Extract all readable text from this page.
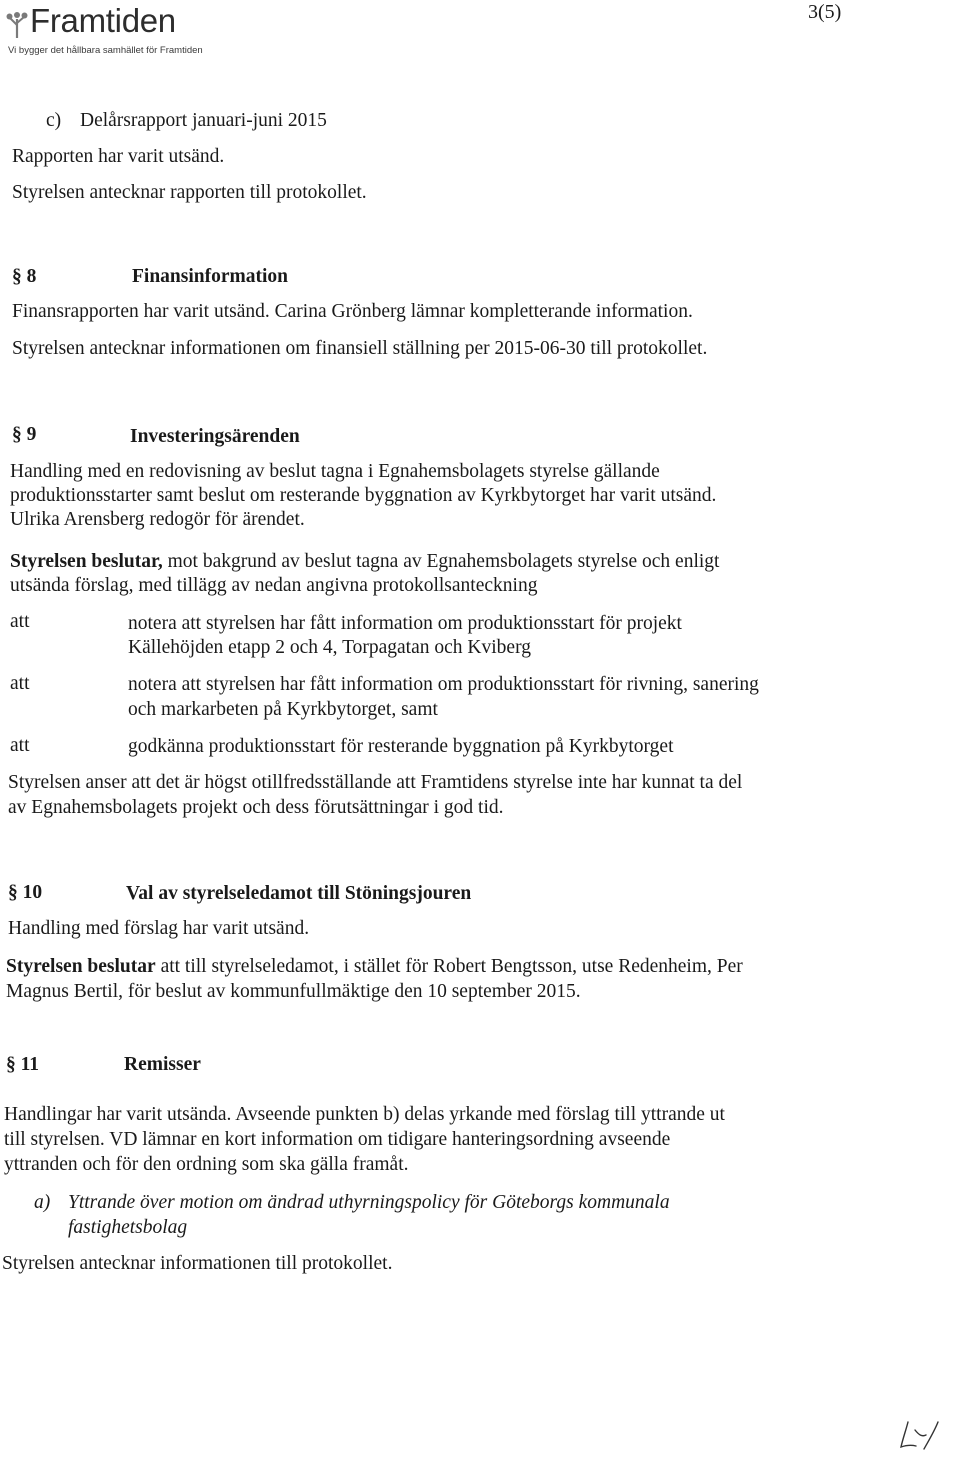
Framtiden
Vi bygger det hållbara samhället för Framtiden
3(5)
c) Delårsrapport januari-juni 2015
Rapporten har varit utsänd.
Styrelsen antecknar rapporten till protokollet.
§ 8	Finansinformation
Finansrapporten har varit utsänd. Carina Grönberg lämnar kompletterande information.
Styrelsen antecknar informationen om finansiell ställning per 2015-06-30 till protokollet.
§ 9	Investeringsärenden
Handling med en redovisning av beslut tagna i Egnahemsbolagets styrelse gällande
produktionsstarter samt beslut om resterande byggnation av Kyrkbytorget har varit utsänd.
Ulrika Arensberg redogör för ärendet.
Styrelsen beslutar, mot bakgrund av beslut tagna av Egnahemsbolagets styrelse och enligt
utsända förslag, med tillägg av nedan angivna protokollsanteckning
att	notera att styrelsen har fått information om produktionsstart för projekt
Källehöjden etapp 2 och 4, Torpagatan och Kviberg
att	notera att styrelsen har fått information om produktionsstart för rivning, sanering
och markarbeten på Kyrkbytorget, samt
att	godkänna produktionsstart för resterande byggnation på Kyrkbytorget
Styrelsen anser att det är högst otillfredsställande att Framtidens styrelse inte har kunnat ta del
av Egnahemsbolagets projekt och dess förutsättningar i god tid.
§ 10	Val av styrelseledamot till Stöningsjouren
Handling med förslag har varit utsänd.
Styrelsen beslutar att till styrelseledamot, i stället för Robert Bengtsson, utse Redenheim, Per
Magnus Bertil, för beslut av kommunfullmäktige den 10 september 2015.
§ 11	Remisser
Handlingar har varit utsända. Avseende punkten b) delas yrkande med förslag till yttrande ut
till styrelsen. VD lämnar en kort information om tidigare hanteringsordning avseende
yttranden och för den ordning som ska gälla framåt.
a) Yttrande över motion om ändrad uthyrningspolicy för Göteborgs kommunala
fastighetsbolag
Styrelsen antecknar informationen till protokollet.
